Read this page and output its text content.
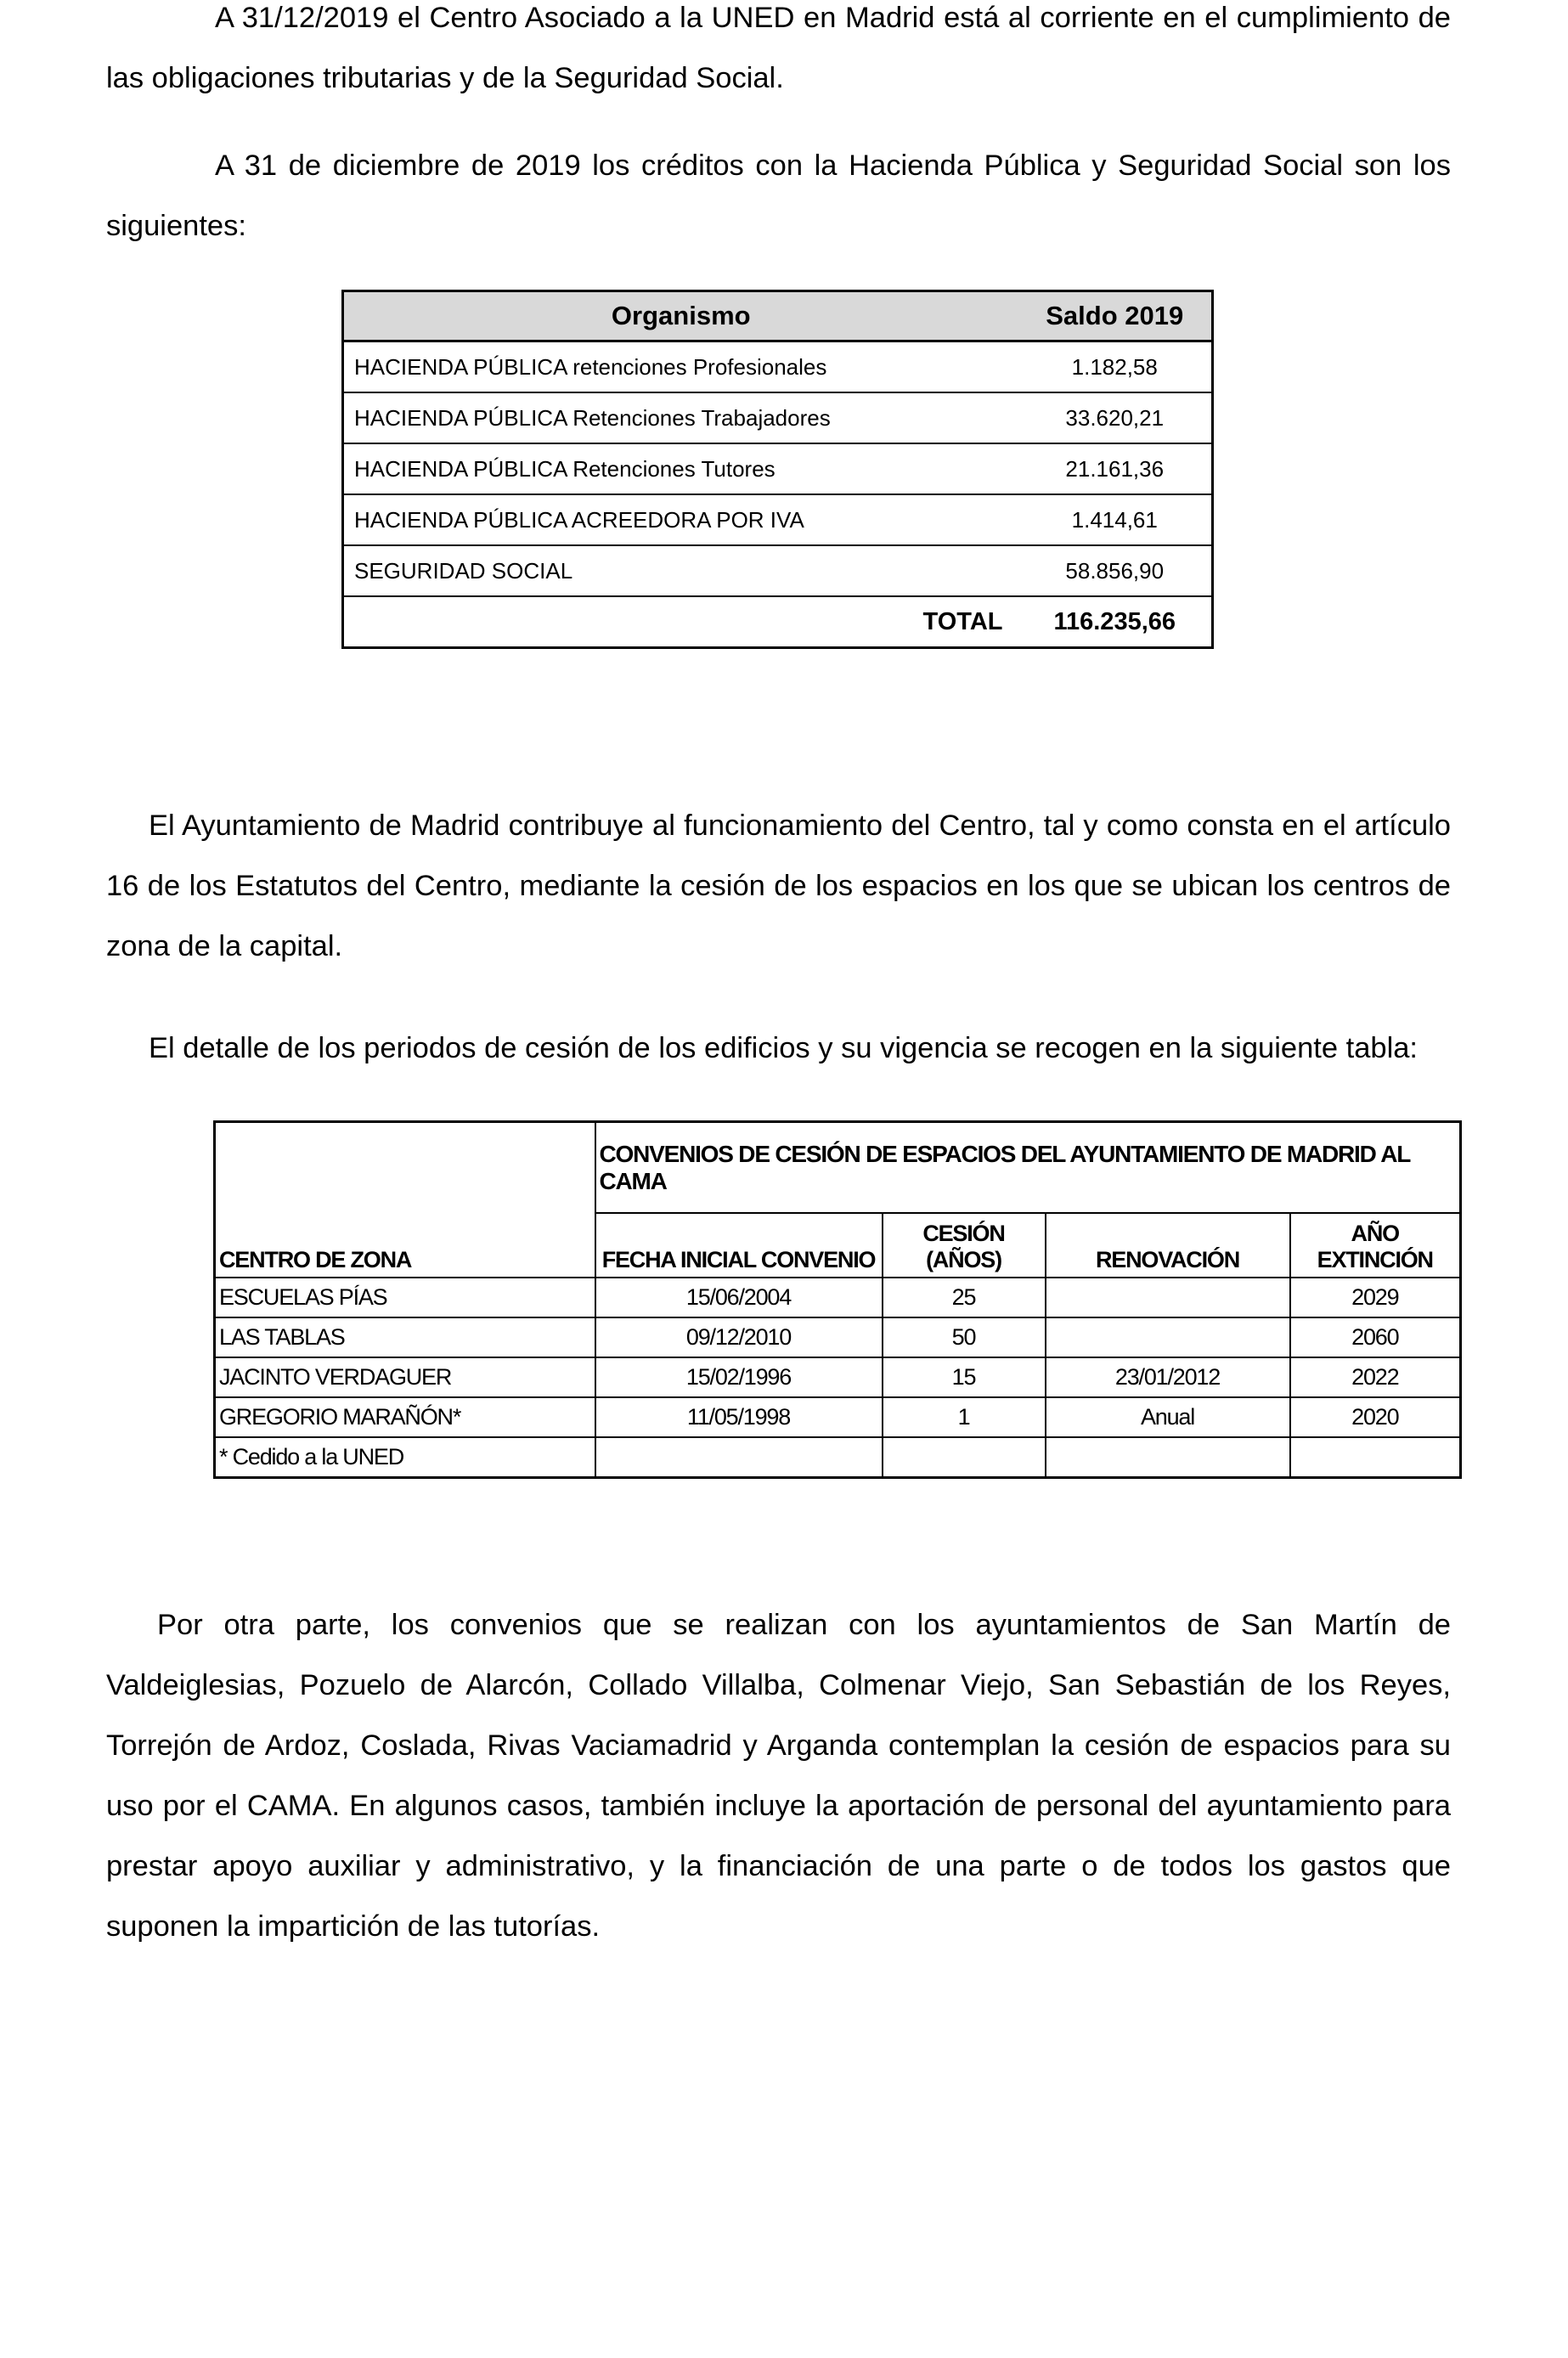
A 31/12/2019 el Centro Asociado a la UNED en Madrid está al corriente en el cumplimiento de las obligaciones tributarias y de la Seguridad Social.

A 31 de diciembre de 2019 los créditos con la Hacienda Pública y Seguridad Social son los siguientes:

Organismo	Saldo 2019
HACIENDA PÚBLICA retenciones Profesionales	1.182,58
HACIENDA PÚBLICA Retenciones Trabajadores	33.620,21
HACIENDA PÚBLICA Retenciones Tutores	21.161,36
HACIENDA PÚBLICA ACREEDORA POR IVA	1.414,61
SEGURIDAD SOCIAL	58.856,90
TOTAL	116.235,66

El Ayuntamiento de Madrid contribuye al funcionamiento del Centro, tal y como consta en el artículo 16 de los Estatutos del Centro, mediante la cesión de los espacios en los que se ubican los centros de zona de la capital.

El detalle de los periodos de cesión de los edificios y su vigencia se recogen en la siguiente tabla:

	CONVENIOS DE CESIÓN DE ESPACIOS DEL AYUNTAMIENTO DE MADRID AL CAMA			
CENTRO DE ZONA	FECHA INICIAL CONVENIO	CESIÓN (AÑOS)	RENOVACIÓN	AÑO EXTINCIÓN
ESCUELAS PÍAS	15/06/2004	25		2029
LAS TABLAS	09/12/2010	50		2060
JACINTO VERDAGUER	15/02/1996	15	23/01/2012	2022
GREGORIO MARAÑÓN*	11/05/1998	1	Anual	2020
* Cedido a la UNED				

Por otra parte, los convenios que se realizan con los ayuntamientos de San Martín de Valdeiglesias, Pozuelo de Alarcón, Collado Villalba, Colmenar Viejo, San Sebastián de los Reyes, Torrejón de Ardoz, Coslada, Rivas Vaciamadrid y Arganda contemplan la cesión de espacios para su uso por el CAMA. En algunos casos, también incluye la aportación de personal del ayuntamiento para prestar apoyo auxiliar y administrativo, y la financiación de una parte o de todos los gastos que suponen la impartición de las tutorías.
